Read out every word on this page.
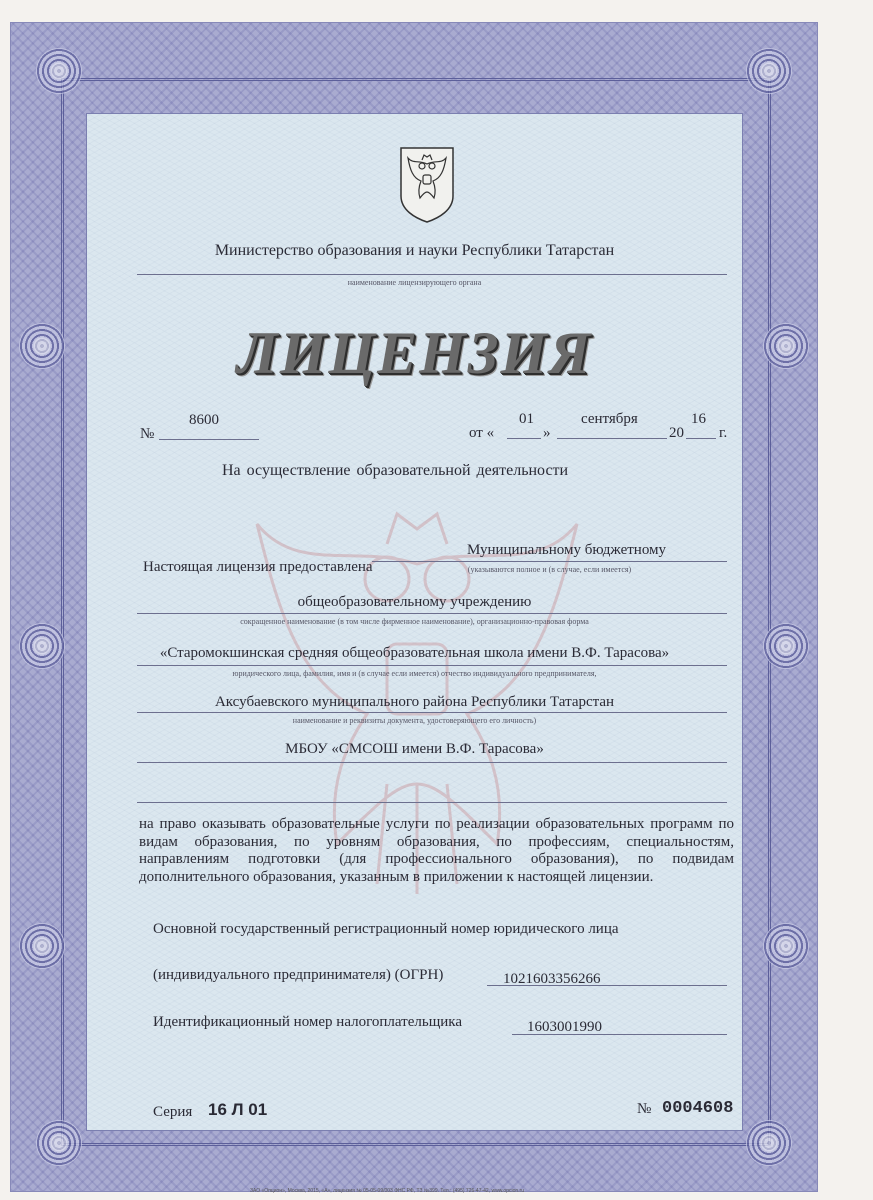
Министерство образования и науки Республики Татарстан
наименование лицензирующего органа
ЛИЦЕНЗИЯ
№
8600
от «
01
»
сентября
20
16
г.
На осуществление образовательной деятельности
Настоящая лицензия предоставлена
Муниципальному бюджетному
(указываются полное и (в случае, если имеется)
общеобразовательному учреждению
сокращенное наименование (в том числе фирменное наименование), организационно-правовая форма
«Старомокшинская средняя общеобразовательная школа имени В.Ф. Тарасова»
юридического лица, фамилия, имя и (в случае если имеется) отчество индивидуального предпринимателя,
Аксубаевского муниципального района Республики Татарстан
наименование и реквизиты документа, удостоверяющего его личность)
МБОУ «СМСОШ имени В.Ф. Тарасова»
на право оказывать образовательные услуги по реализации образовательных программ по видам образования, по уровням образования, по профессиям, специальностям, направлениям подготовки (для профессионального образования), по подвидам дополнительного образования, указанным в приложении к настоящей лицензии.
Основной государственный регистрационный номер юридического лица
(индивидуального предпринимателя) (ОГРН)	1021603356266
Идентификационный номер налогоплательщика	1603001990
Серия 16 Л 01	№ 0004608
ЗАО «Опцион», Москва, 2015, «А», лицензия № 05-05-09/003 ФНС РФ, ТЗ №399. Тел.: (495) 726-47-42, www.opcion.ru
